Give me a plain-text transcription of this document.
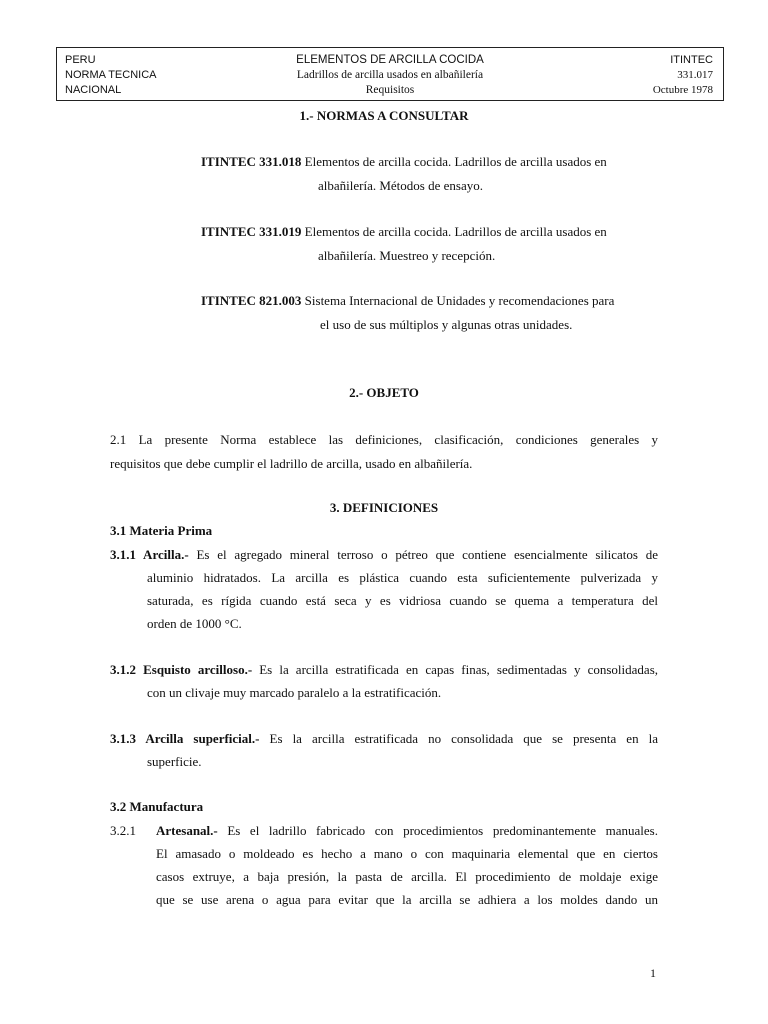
PERU
NORMA TECNICA
NACIONAL
ELEMENTOS DE ARCILLA COCIDA
Ladrillos de arcilla usados en albañilería
Requisitos
ITINTEC
331.017
Octubre 1978
1.- NORMAS A CONSULTAR
ITINTEC 331.018 Elementos de arcilla cocida. Ladrillos de arcilla usados en
albañilería. Métodos de ensayo.
ITINTEC 331.019 Elementos de arcilla cocida. Ladrillos de arcilla usados en
albañilería. Muestreo y recepción.
ITINTEC 821.003 Sistema Internacional de Unidades y recomendaciones para
el uso de sus múltiplos y algunas otras unidades.
2.- OBJETO
2.1 La presente Norma establece las definiciones, clasificación, condiciones generales y
requisitos que debe cumplir el ladrillo de arcilla, usado en albañilería.
3. DEFINICIONES
3.1 Materia Prima
3.1.1 Arcilla.- Es el agregado mineral terroso o pétreo que contiene esencialmente silicatos de
aluminio hidratados. La arcilla es plástica cuando esta suficientemente pulverizada y
saturada, es rígida cuando está seca y es vidriosa cuando se quema a temperatura del
orden de 1000 °C.
3.1.2 Esquisto arcilloso.- Es la arcilla estratificada en capas finas, sedimentadas y consolidadas,
con un clivaje muy marcado paralelo a la estratificación.
3.1.3 Arcilla superficial.- Es la arcilla estratificada no consolidada que se presenta en la
superficie.
3.2 Manufactura
3.2.1 Artesanal.- Es el ladrillo fabricado con procedimientos predominantemente manuales.
El amasado o moldeado es hecho a mano o con maquinaria elemental que en ciertos
casos extruye, a baja presión, la pasta de arcilla. El procedimiento de moldaje exige
que se use arena o agua para evitar que la arcilla se adhiera a los moldes dando un
1
